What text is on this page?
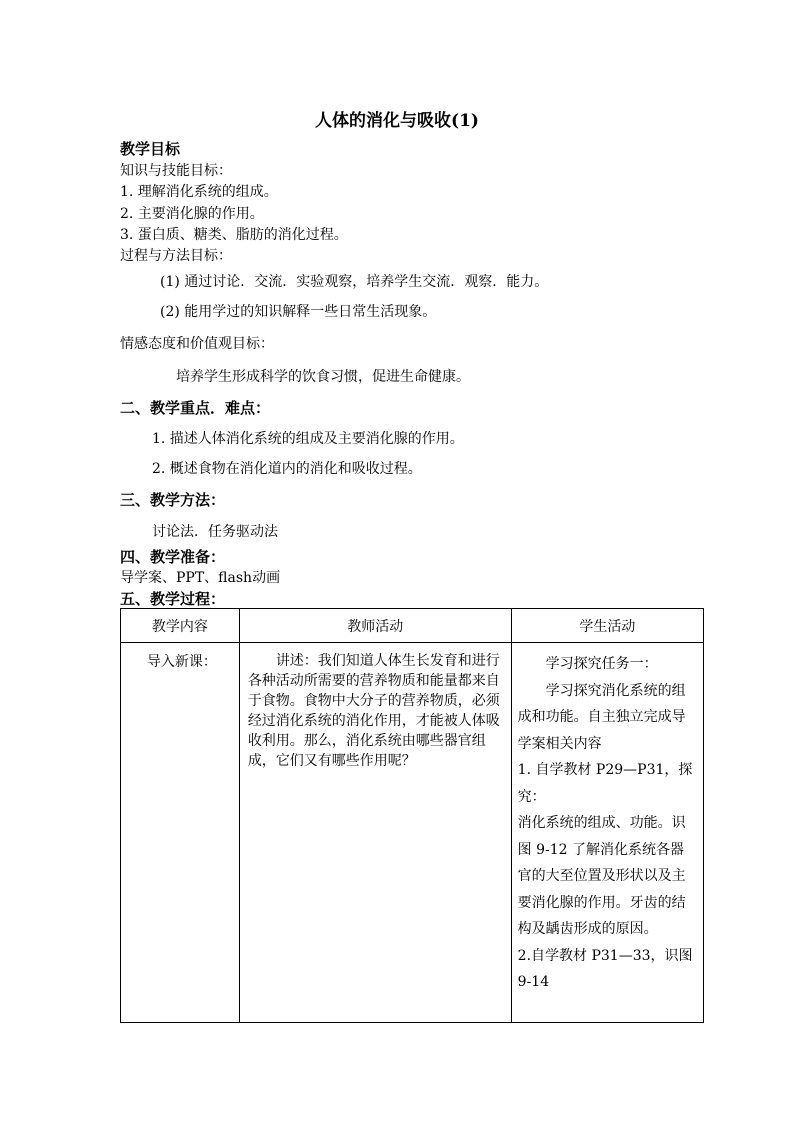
人体的消化与吸收(1)
教学目标
知识与技能目标：
1. 理解消化系统的组成。
2. 主要消化腺的作用。
3. 蛋白质、糖类、脂肪的消化过程。
过程与方法目标：
(1) 通过讨论．交流．实验观察，培养学生交流．观察．能力。
(2) 能用学过的知识解释一些日常生活现象。
情感态度和价值观目标：
培养学生形成科学的饮食习惯，促进生命健康。
二、教学重点．难点：
1. 描述人体消化系统的组成及主要消化腺的作用。
2. 概述食物在消化道内的消化和吸收过程。
三、教学方法：
讨论法．任务驱动法
四、教学准备：
导学案、PPT、flash动画
五、教学过程：
教学内容	教师活动	学生活动

导入新课：	讲述：我们知道人体生长发育和进行各种活动所需要的营养物质和能量都来自于食物。食物中大分子的营养物质，必须经过消化系统的消化作用，才能被人体吸收利用。那么，消化系统由哪些器官组成，它们又有哪些作用呢？	学习探究任务一：

学习探究消化系统的组成和功能。自主独立完成导学案相关内容

1. 自学教材 P29—P31，探究：

消化系统的组成、功能。识图 9-12 了解消化系统各器官的大至位置及形状以及主要消化腺的作用。牙齿的结构及龋齿形成的原因。

2.自学教材 P31—33，识图 9-14
